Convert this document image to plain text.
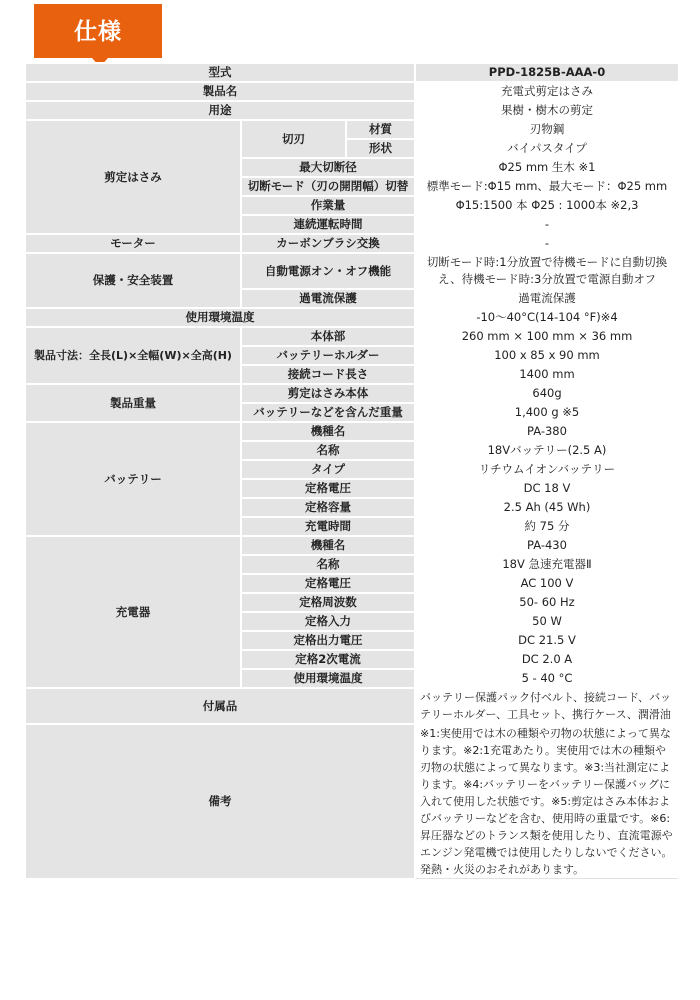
仕様
型式			PPD-1825B-AAA-0
製品名			充電式剪定はさみ
用途			果樹・樹木の剪定
剪定はさみ	切刃	材質	刃物鋼
		形状	バイパスタイプ
	最大切断径		Φ25 mm 生木 ※1
	切断モード（刃の開閉幅）切替		標準モード:Φ15 mm、最大モード：Φ25 mm
	作業量		Φ15:1500 本 Φ25 : 1000本 ※2,3
	連続運転時間		-

モーター	カーボンブラシ交換		-
保護・安全装置	自動電源オン・オフ機能		切断モード時:1分放置で待機モードに自動切換え、待機モード時:3分放置で電源自動オフ
	過電流保護		過電流保護
使用環境温度			-10～40°C(14-104 °F)※4
製品寸法：全長(L)×全幅(W)×全高(H)	本体部		260 mm × 100 mm × 36 mm
	バッテリーホルダー		100 x 85 x 90 mm
	接続コード長さ		1400 mm
製品重量	剪定はさみ本体		640g
	バッテリーなどを含んだ重量		1,400 g ※5
バッテリー	機種名		PA-380
	名称		18Vバッテリー(2.5 A)
	タイプ		リチウムイオンバッテリー
	定格電圧		DC 18 V
	定格容量		2.5 Ah (45 Wh)
	充電時間		約 75 分
充電器	機種名		PA-430
	名称		18V 急速充電器Ⅱ
	定格電圧		AC 100 V
	定格周波数		50- 60 Hz
	定格入力		50 W
	定格出力電圧		DC 21.5 V
	定格2次電流		DC 2.0 A
	使用環境温度		5 - 40 °C
付属品			バッテリー保護パック付ベルト、接続コード、バッテリーホルダー、工具セット、携行ケース、潤滑油
備考			※1:実使用では木の種類や刃物の状態によって異なります。※2:1充電あたり。実使用では木の種類や刃物の状態によって異なります。※3:当社測定によります。※4:バッテリーをバッテリー保護バッグに入れて使用した状態です。※5:剪定はさみ本体およびバッテリーなどを含む、使用時の重量です。※6:昇圧器などのトランス類を使用したり、直流電源やエンジン発電機では使用したりしないでください。発熱・火災のおそれがあります。
